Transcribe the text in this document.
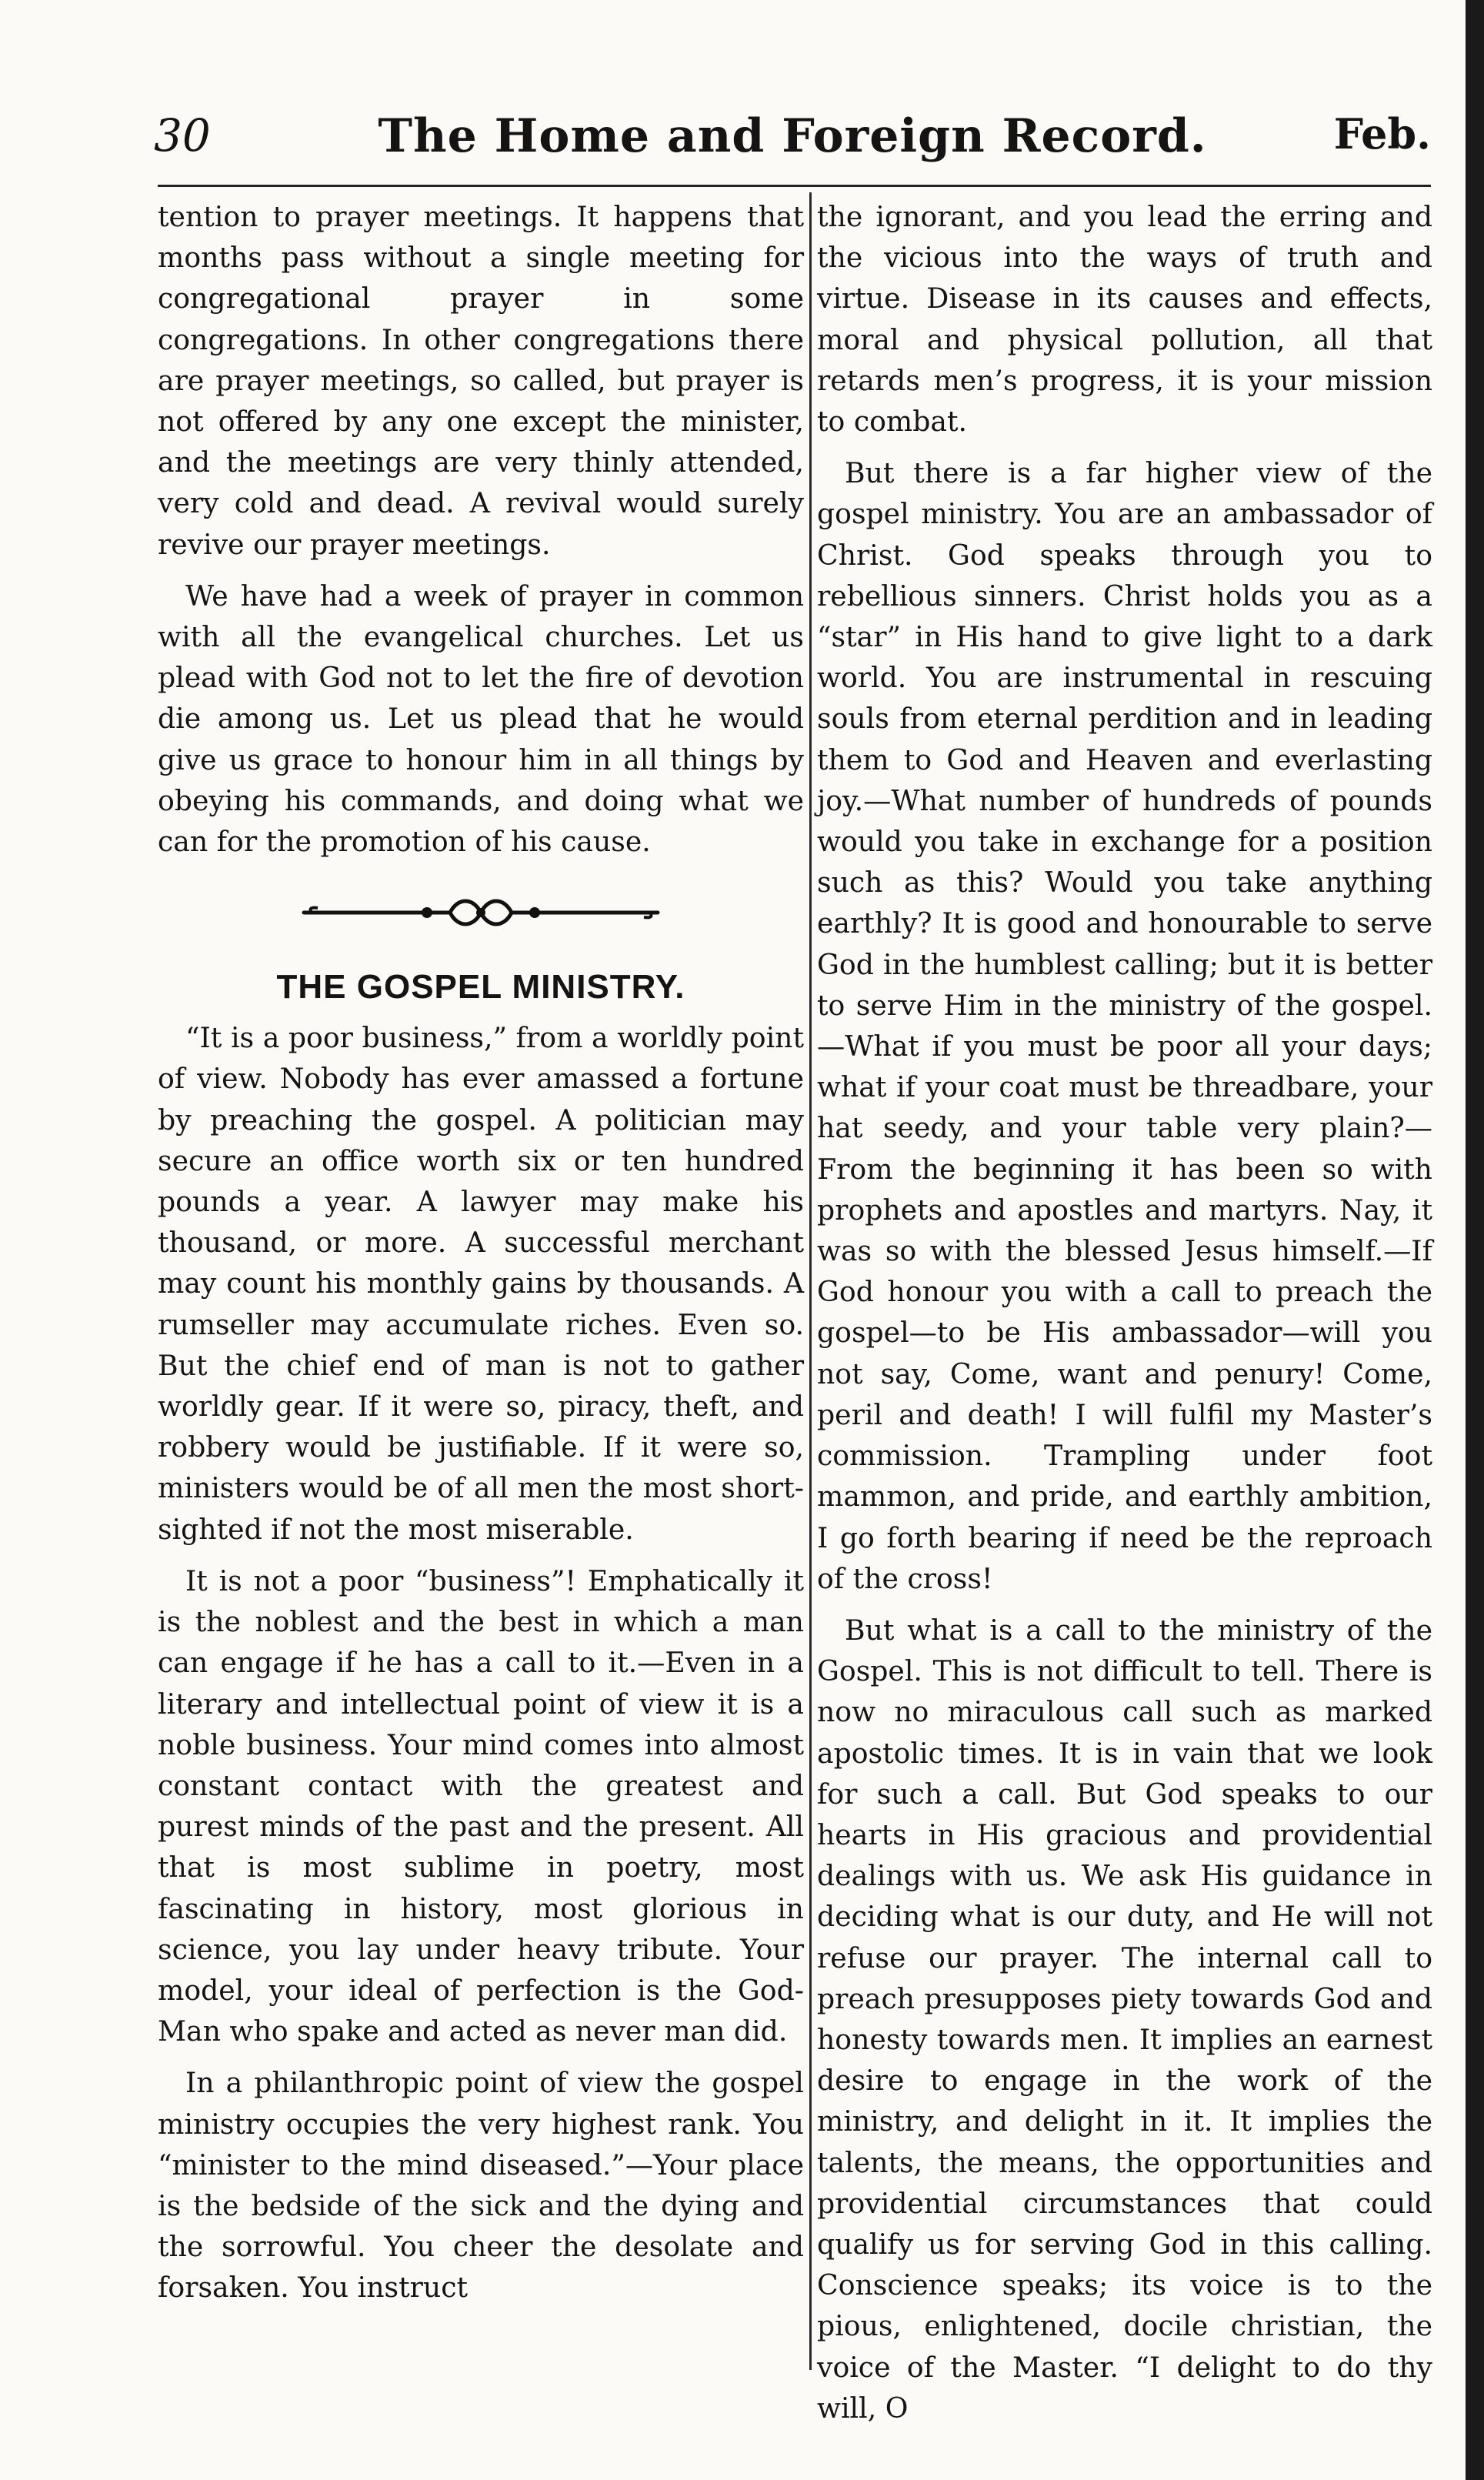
30	The Home and Foreign Record.	Feb.

tention to prayer meetings. It happens that months pass without a single meeting for congregational prayer in some congregations. In other congregations there are prayer meetings, so called, but prayer is not offered by any one except the minister, and the meetings are very thinly attended, very cold and dead. A revival would surely revive our prayer meetings.

We have had a week of prayer in common with all the evangelical churches. Let us plead with God not to let the fire of devotion die among us. Let us plead that he would give us grace to honour him in all things by obeying his commands, and doing what we can for the promotion of his cause.

THE GOSPEL MINISTRY.

“It is a poor business,” from a worldly point of view. Nobody has ever amassed a fortune by preaching the gospel. A politician may secure an office worth six or ten hundred pounds a year. A lawyer may make his thousand, or more. A successful merchant may count his monthly gains by thousands. A rumseller may accumulate riches. Even so. But the chief end of man is not to gather worldly gear. If it were so, piracy, theft, and robbery would be justifiable. If it were so, ministers would be of all men the most short-sighted if not the most miserable.

It is not a poor “business”! Emphatically it is the noblest and the best in which a man can engage if he has a call to it.—Even in a literary and intellectual point of view it is a noble business. Your mind comes into almost constant contact with the greatest and purest minds of the past and the present. All that is most sublime in poetry, most fascinating in history, most glorious in science, you lay under heavy tribute. Your model, your ideal of perfection is the God-Man who spake and acted as never man did.

In a philanthropic point of view the gospel ministry occupies the very highest rank. You “minister to the mind diseased.”—Your place is the bedside of the sick and the dying and the sorrowful. You cheer the desolate and forsaken. You instruct

the ignorant, and you lead the erring and the vicious into the ways of truth and virtue. Disease in its causes and effects, moral and physical pollution, all that retards men’s progress, it is your mission to combat.

But there is a far higher view of the gospel ministry. You are an ambassador of Christ. God speaks through you to rebellious sinners. Christ holds you as a “star” in His hand to give light to a dark world. You are instrumental in rescuing souls from eternal perdition and in leading them to God and Heaven and everlasting joy.—What number of hundreds of pounds would you take in exchange for a position such as this? Would you take anything earthly? It is good and honourable to serve God in the humblest calling; but it is better to serve Him in the ministry of the gospel.—What if you must be poor all your days; what if your coat must be threadbare, your hat seedy, and your table very plain?—From the beginning it has been so with prophets and apostles and martyrs. Nay, it was so with the blessed Jesus himself.—If God honour you with a call to preach the gospel—to be His ambassador—will you not say, Come, want and penury! Come, peril and death! I will fulfil my Master’s commission. Trampling under foot mammon, and pride, and earthly ambition, I go forth bearing if need be the reproach of the cross!

But what is a call to the ministry of the Gospel. This is not difficult to tell. There is now no miraculous call such as marked apostolic times. It is in vain that we look for such a call. But God speaks to our hearts in His gracious and providential dealings with us. We ask His guidance in deciding what is our duty, and He will not refuse our prayer. The internal call to preach presupposes piety towards God and honesty towards men. It implies an earnest desire to engage in the work of the ministry, and delight in it. It implies the talents, the means, the opportunities and providential circumstances that could qualify us for serving God in this calling. Conscience speaks; its voice is to the pious, enlightened, docile christian, the voice of the Master. “I delight to do thy will, O
